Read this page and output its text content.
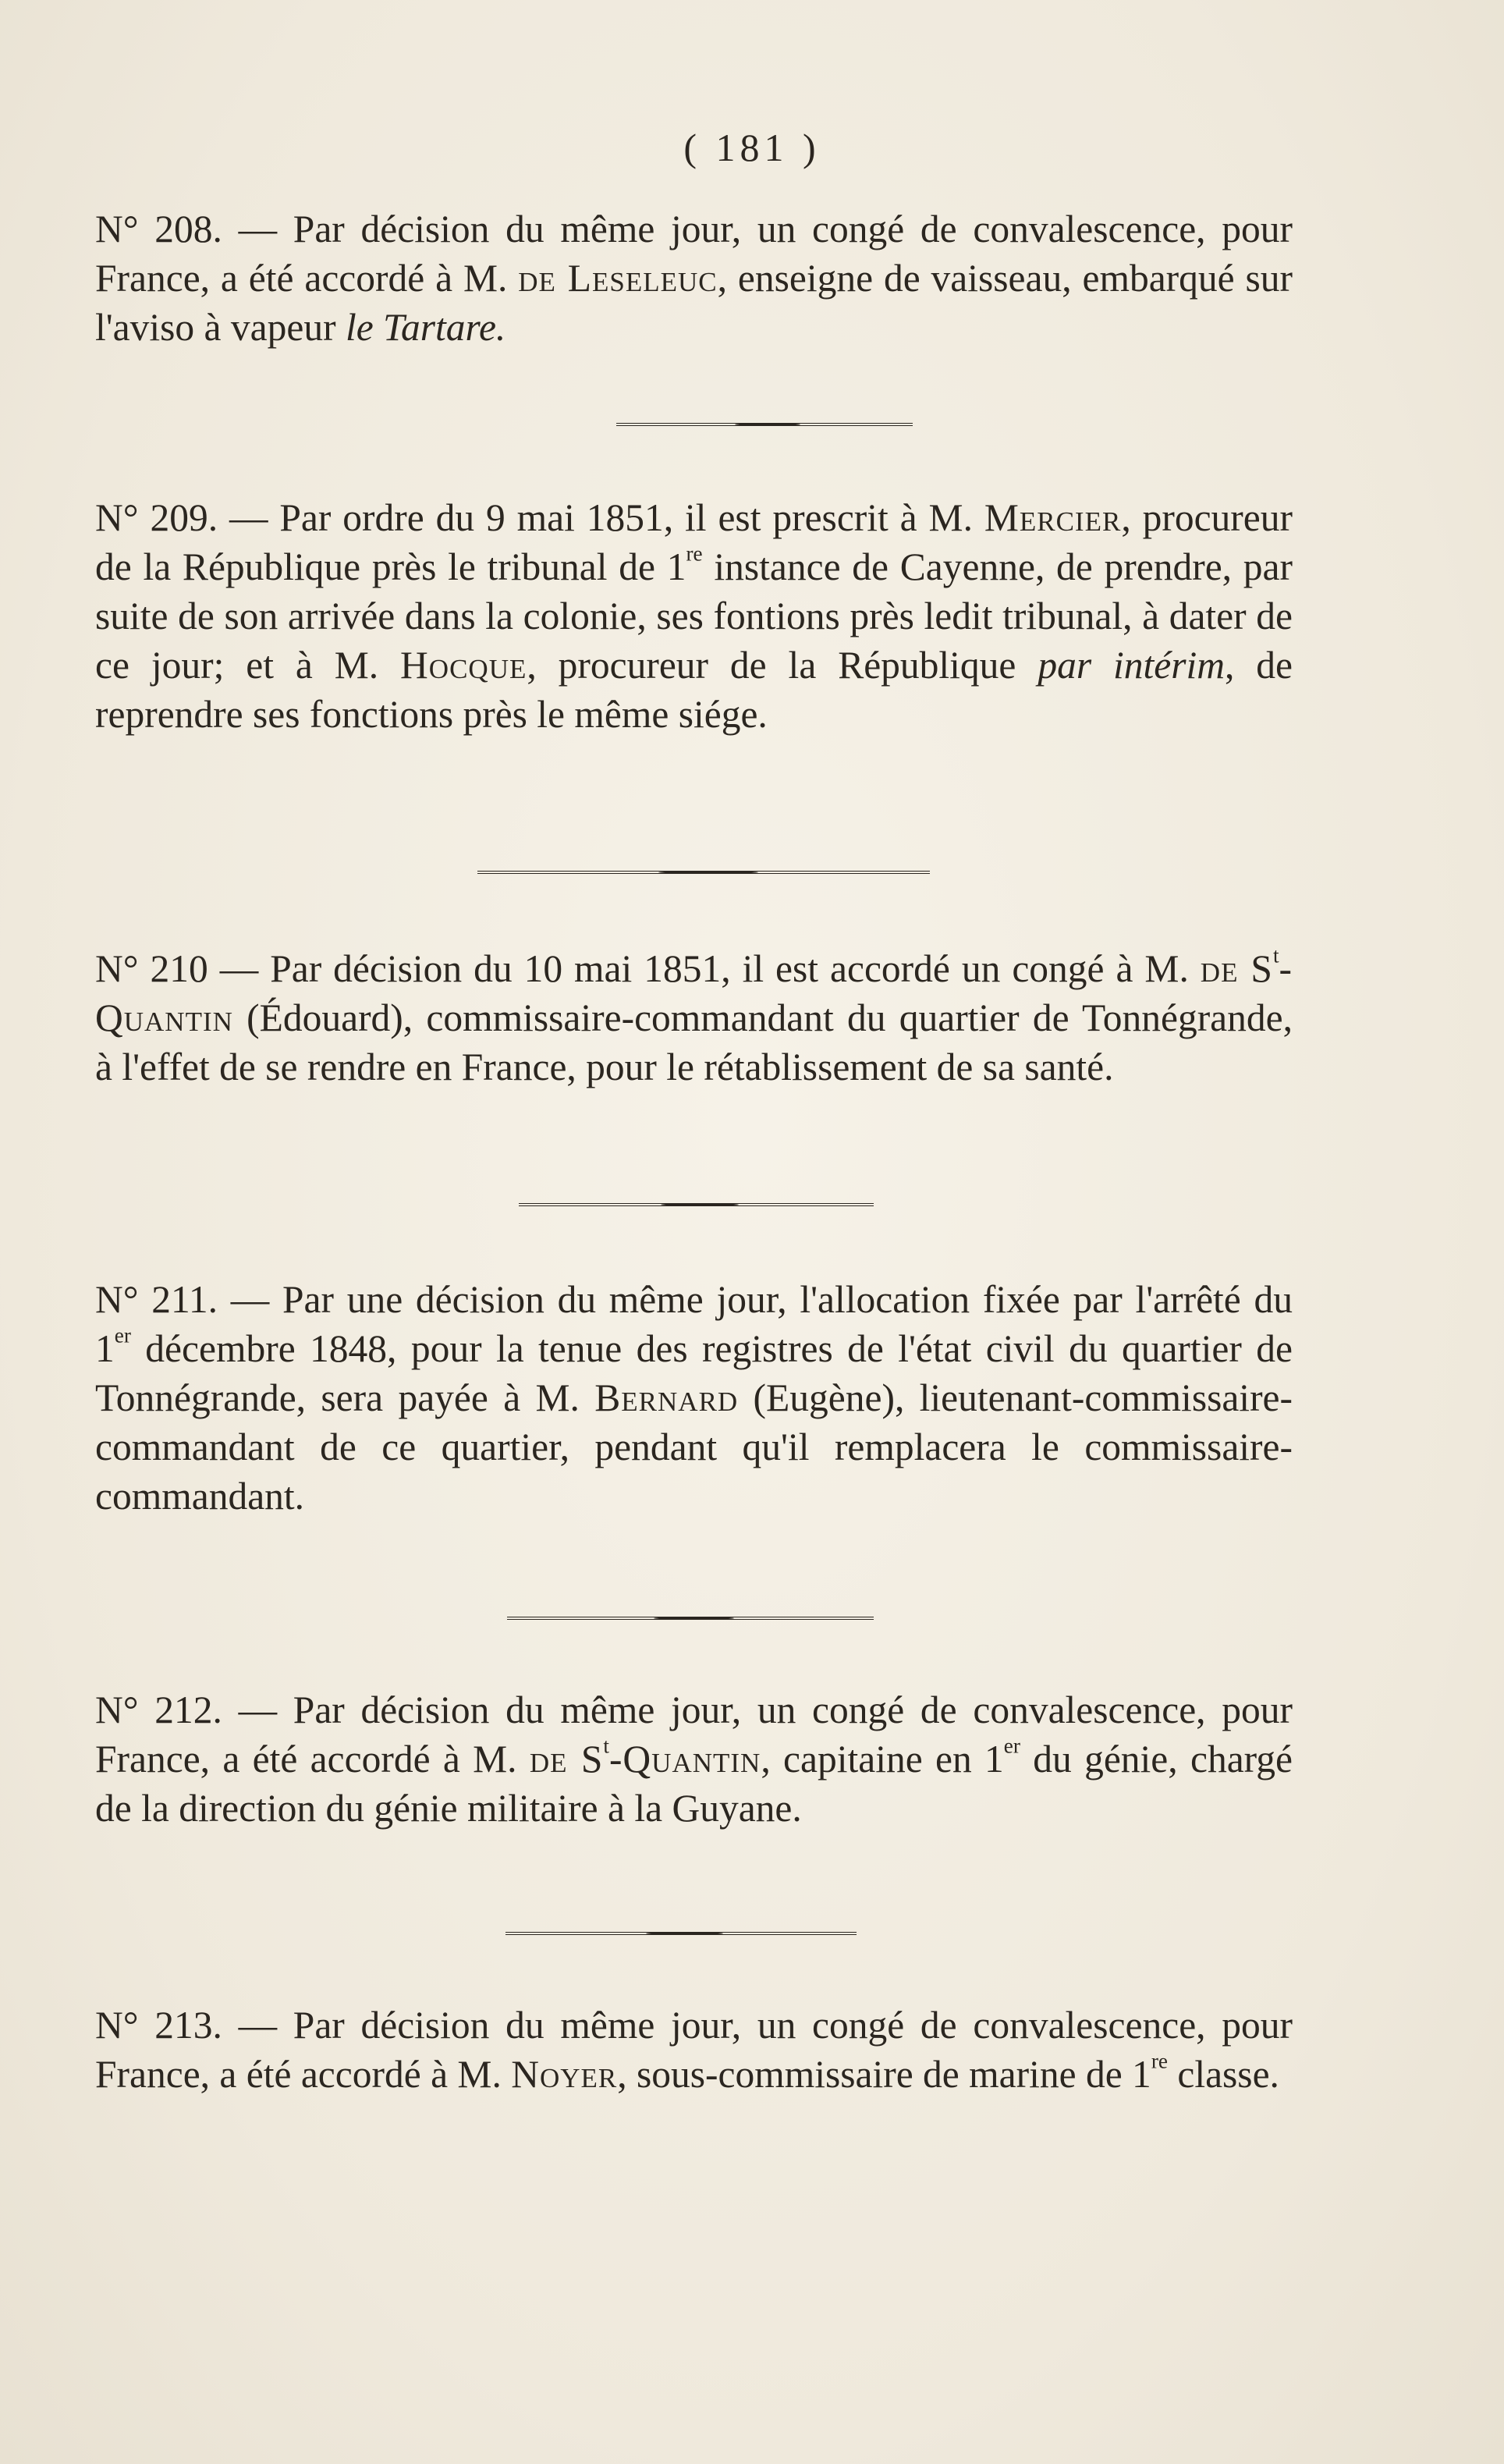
( 181 )

N° 208. — Par décision du même jour, un congé de convalescence, pour France, a été accordé à M. de Leseleuc, enseigne de vaisseau, embarqué sur l'aviso à vapeur le Tartare.

N° 209. — Par ordre du 9 mai 1851, il est prescrit à M. Mercier, procureur de la République près le tribunal de 1re instance de Cayenne, de prendre, par suite de son arrivée dans la colonie, ses fontions près ledit tribunal, à dater de ce jour; et à M. Hocque, procureur de la République par intérim, de reprendre ses fonctions près le même siége.

N° 210 — Par décision du 10 mai 1851, il est accordé un congé à M. de $S^t$-Quantin (Édouard), commissaire-commandant du quartier de Tonnégrande, à l'effet de se rendre en France, pour le rétablissement de sa santé.

N° 211. — Par une décision du même jour, l'allocation fixée par l'arrêté du 1er décembre 1848, pour la tenue des registres de l'état civil du quartier de Tonnégrande, sera payée à M. Bernard (Eugène), lieutenant-commissaire-commandant de ce quartier, pendant qu'il remplacera le commissaire-commandant.

N° 212. — Par décision du même jour, un congé de convalescence, pour France, a été accordé à M. de $S^t$-Quantin, capitaine en 1er du génie, chargé de la direction du génie militaire à la Guyane.

N° 213. — Par décision du même jour, un congé de convalescence, pour France, a été accordé à M. Noyer, sous-commissaire de marine de 1re classe.
